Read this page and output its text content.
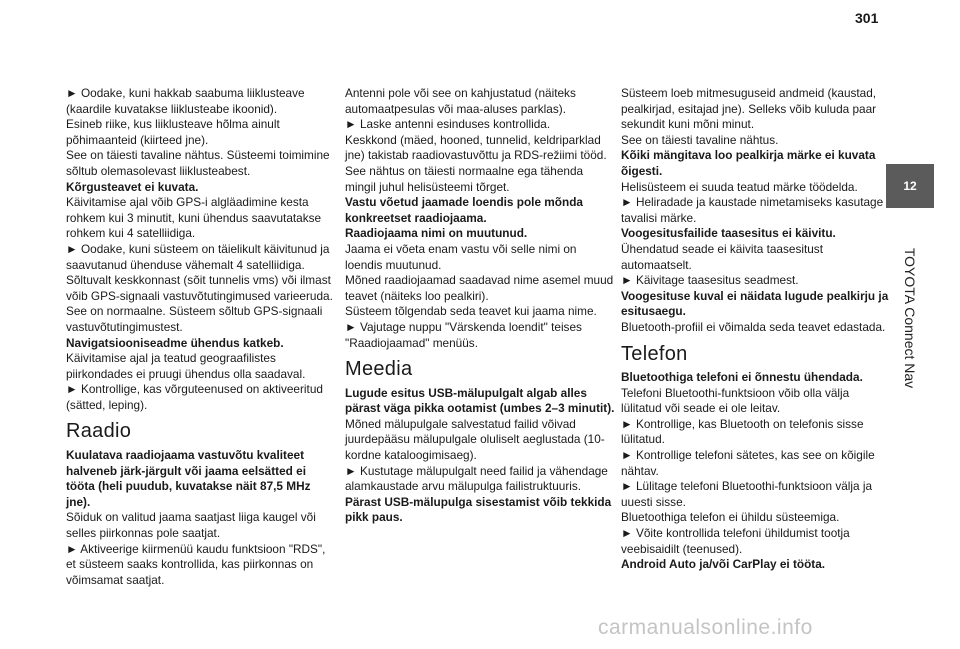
301
12
TOYOTA Connect Nav

► Oodake, kuni hakkab saabuma liiklusteave (kaardile kuvatakse liiklusteabe ikoonid).

Esineb riike, kus liiklusteave hõlma ainult põhimaanteid (kiirteed jne).

See on täiesti tavaline nähtus. Süsteemi toimimine sõltub olemasolevast liiklusteabest.

Kõrgusteavet ei kuvata.

Käivitamise ajal võib GPS-i algläadimine kesta rohkem kui 3 minutit, kuni ühendus saavutatakse rohkem kui 4 satelliidiga.

► Oodake, kuni süsteem on täielikult käivitunud ja saavutanud ühenduse vähemalt 4 satelliidiga.

Sõltuvalt keskkonnast (sõit tunnelis vms) või ilmast võib GPS-signaali vastuvõtutingimused varieeruda.

See on normaalne. Süsteem sõltub GPS-signaali vastuvõtutingimustest.

Navigatsiooniseadme ühendus katkeb.

Käivitamise ajal ja teatud geograafilistes piirkondades ei pruugi ühendus olla saadaval.

► Kontrollige, kas võrguteenused on aktiveeritud (sätted, leping).

Raadio

Kuulatava raadiojaama vastuvõtu kvaliteet halveneb järk-järgult või jaama eelsätted ei tööta (heli puudub, kuvatakse näit 87,5 MHz jne).

Sõiduk on valitud jaama saatjast liiga kaugel või selles piirkonnas pole saatjat.

► Aktiveerige kiirmenüü kaudu funktsioon "RDS", et süsteem saaks kontrollida, kas piirkonnas on võimsamat saatjat.

Antenni pole või see on kahjustatud (näiteks automaatpesulas või maa-aluses parklas).

► Laske antenni esinduses kontrollida.

Keskkond (mäed, hooned, tunnelid, keldriparklad jne) takistab raadiovastuvõttu ja RDS-režiimi tööd.

See nähtus on täiesti normaalne ega tähenda mingil juhul helisüsteemi tõrget.

Vastu võetud jaamade loendis pole mõnda konkreetset raadiojaama.

Raadiojaama nimi on muutunud.

Jaama ei võeta enam vastu või selle nimi on loendis muutunud.

Mõned raadiojaamad saadavad nime asemel muud teavet (näiteks loo pealkiri).

Süsteem tõlgendab seda teavet kui jaama nime.

► Vajutage nuppu "Värskenda loendit" teises "Raadiojaamad" menüüs.

Meedia

Lugude esitus USB-mälupulgalt algab alles pärast väga pikka ootamist (umbes 2–3 minutit).

Mõned mälupulgale salvestatud failid võivad juurdepääsu mälupulgale oluliselt aeglustada (10-kordne kataloogimisaeg).

► Kustutage mälupulgalt need failid ja vähendage alamkaustade arvu mälupulga failistruktuuris.

Pärast USB-mälupulga sisestamist võib tekkida pikk paus.

Süsteem loeb mitmesuguseid andmeid (kaustad, pealkirjad, esitajad jne). Selleks võib kuluda paar sekundit kuni mõni minut.

See on täiesti tavaline nähtus.

Kõiki mängitava loo pealkirja märke ei kuvata õigesti.

Helisüsteem ei suuda teatud märke töödelda.

► Heliradade ja kaustade nimetamiseks kasutage tavalisi märke.

Voogesitusfailide taasesitus ei käivitu.

Ühendatud seade ei käivita taasesitust automaatselt.

► Käivitage taasesitus seadmest.

Voogesituse kuval ei näidata lugude pealkirju ja esitusaegu.

Bluetooth-profiil ei võimalda seda teavet edastada.

Telefon

Bluetoothiga telefoni ei õnnestu ühendada.

Telefoni Bluetoothi-funktsioon võib olla välja lülitatud või seade ei ole leitav.

► Kontrollige, kas Bluetooth on telefonis sisse lülitatud.

► Kontrollige telefoni sätetes, kas see on kõigile nähtav.

► Lülitage telefoni Bluetoothi-funktsioon välja ja uuesti sisse.

Bluetoothiga telefon ei ühildu süsteemiga.

► Võite kontrollida telefoni ühildumist tootja veebisaidilt (teenused).

Android Auto ja/või CarPlay ei tööta.

carmanualsonline.info
